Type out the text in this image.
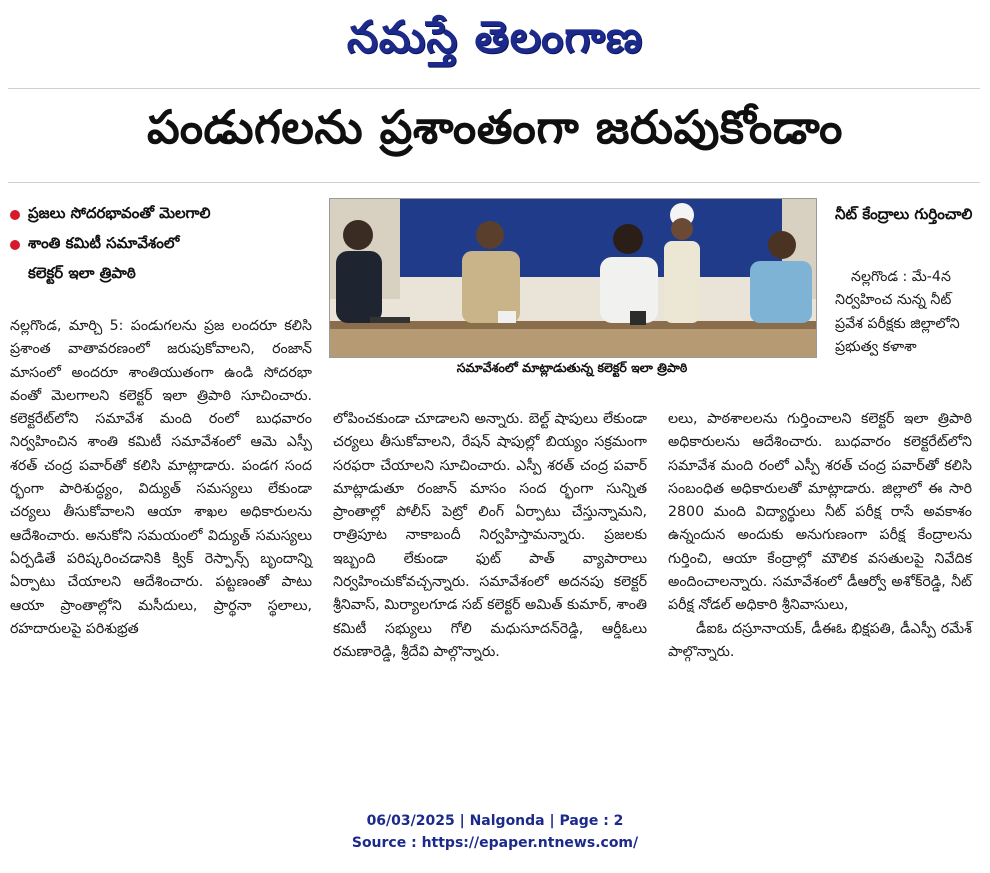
నమస్తే తెలంగాణ
పండుగలను ప్రశాంతంగా జరుపుకోండాం
ప్రజలు సోదరభావంతో మెలగాలి
శాంతి కమిటీ సమావేశంలో
కలెక్టర్ ఇలా త్రిపాఠి

నల్లగొండ, మార్చి 5: పండుగలను ప్రజ లందరూ కలిసి ప్రశాంత వాతావరణంలో జరుపుకోవాలని, రంజాన్ మాసంలో అందరూ శాంతియుతంగా ఉండి సోదరభా వంతో మెలగాలని కలెక్టర్ ఇలా త్రిపాఠి సూచించారు. కలెక్టరేట్‌లోని సమావేశ మంది రంలో బుధవారం నిర్వహించిన శాంతి కమిటీ సమావేశంలో ఆమె ఎస్పీ శరత్ చంద్ర పవార్‌తో కలిసి మాట్లాడారు. పండగ సంద ర్భంగా పారిశుద్ధ్యం, విద్యుత్ సమస్యలు లేకుండా చర్యలు తీసుకోవాలని ఆయా శాఖల అధికారులను ఆదేశించారు. అనుకోని సమయంలో విద్యుత్ సమస్యలు ఏర్పడితే పరిష్కరించడానికి క్విక్ రెస్పాన్స్ బృందాన్ని ఏర్పాటు చేయాలని ఆదేశించారు. పట్టణంతో పాటు ఆయా ప్రాంతాల్లోని మసీదులు, ప్రార్థనా స్థలాలు, రహదారులపై పరిశుభ్రత

సమావేశంలో మాట్లాడుతున్న కలెక్టర్ ఇలా త్రిపాఠి

లోపించకుండా చూడాలని అన్నారు. బెల్ట్ షాపులు లేకుండా చర్యలు తీసుకోవాలని, రేషన్ షాపుల్లో బియ్యం సక్రమంగా సరఫరా చేయాలని సూచించారు. ఎస్పీ శరత్ చంద్ర పవార్ మాట్లాడుతూ రంజాన్ మాసం సంద ర్భంగా సున్నిత ప్రాంతాల్లో పోలీస్ పెట్రో లింగ్ ఏర్పాటు చేస్తున్నామని, రాత్రిపూట నాకాబందీ నిర్వహిస్తామన్నారు. ప్రజలకు ఇబ్బంది లేకుండా ఫుట్ పాత్ వ్యాపారాలు నిర్వహించుకోవచ్చన్నారు. సమావేశంలో అదనపు కలెక్టర్ శ్రీనివాస్, మిర్యాలగూడ సబ్ కలెక్టర్ అమిత్ కుమార్, శాంతి కమిటీ సభ్యులు గోలి మధుసూదన్‌రెడ్డి, ఆర్డీఓలు రమణారెడ్డి, శ్రీదేవి పాల్గొన్నారు.

లలు, పాఠశాలలను గుర్తించాలని కలెక్టర్ ఇలా త్రిపాఠి అధికారులను ఆదేశించారు. బుధవారం కలెక్టరేట్‌లోని సమావేశ మంది రంలో ఎస్పీ శరత్ చంద్ర పవార్‌తో కలిసి సంబంధిత అధికారులతో మాట్లాడారు. జిల్లాలో ఈ సారి 2800 మంది విద్యార్థులు నీట్ పరీక్ష రాసే అవకాశం ఉన్నందున అందుకు అనుగుణంగా పరీక్ష కేంద్రాలను గుర్తించి, ఆయా కేంద్రాల్లో మౌలిక వసతులపై నివేదిక అందించాలన్నారు. సమావేశంలో డీఆర్వో అశోక్‌రెడ్డి, నీట్ పరీక్ష నోడల్ అధికారి శ్రీనివాసులు,

డీఐఓ దస్రూనాయక్, డీఈఓ భిక్షపతి, డీఎస్పీ రమేశ్ పాల్గొన్నారు.

నీట్ కేంద్రాలు గుర్తించాలి
నల్లగొండ : మే-4న నిర్వహించ నున్న నీట్ ప్రవేశ పరీక్షకు జిల్లాలోని ప్రభుత్వ కళాశా
06/03/2025 | Nalgonda | Page : 2
Source : https://epaper.ntnews.com/
